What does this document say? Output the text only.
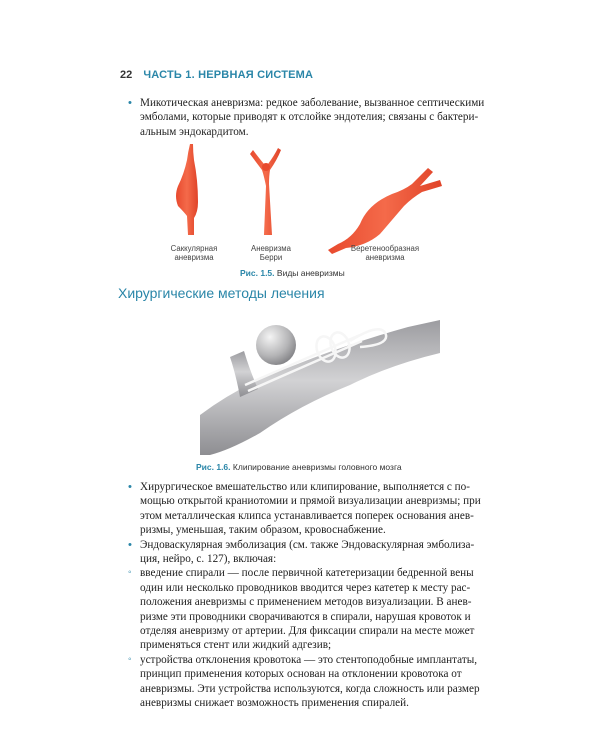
22 ЧАСТЬ 1. НЕРВНАЯ СИСТЕМА
• Микотическая аневризма: редкое заболевание, вызванное септическими
эмболами, которые приводят к отслойке эндотелия; связаны с бактери-
альным эндокардитом.
Саккулярная
аневризма
Аневризма
Берри
Веретенообразная
аневризма
Рис. 1.5. Виды аневризмы
Хирургические методы лечения
Рис. 1.6. Клипирование аневризмы головного мозга
• Хирургическое вмешательство или клипирование, выполняется с по-
мощью открытой краниотомии и прямой визуализации аневризмы; при
этом металлическая клипса устанавливается поперек основания анев-
ризмы, уменьшая, таким образом, кровоснабжение.
• Эндоваскулярная эмболизация (см. также Эндоваскулярная эмболиза-
ция, нейро, с. 127), включая:
◦ введение спирали — после первичной катетеризации бедренной вены
один или несколько проводников вводится через катетер к месту рас-
положения аневризмы с применением методов визуализации. В анев-
ризме эти проводники сворачиваются в спирали, нарушая кровоток и
отделяя аневризму от артерии. Для фиксации спирали на месте может
применяться стент или жидкий адгезив;
◦ устройства отклонения кровотока — это стентоподобные имплантаты,
принцип применения которых основан на отклонении кровотока от
аневризмы. Эти устройства используются, когда сложность или размер
аневризмы снижает возможность применения спиралей.
